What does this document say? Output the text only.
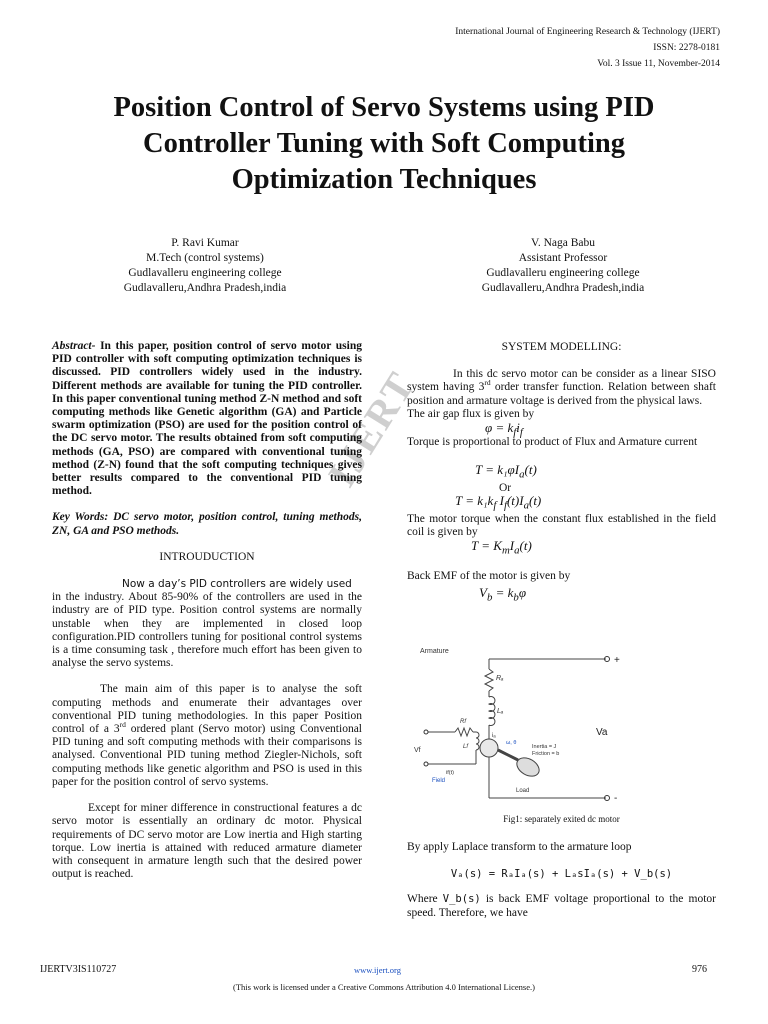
International Journal of Engineering Research & Technology (IJERT)
ISSN: 2278-0181
Vol. 3 Issue 11, November-2014
Position Control of Servo Systems using PID
Controller Tuning with Soft Computing
Optimization Techniques
P. Ravi Kumar
M.Tech (control systems)
Gudlavalleru engineering college
Gudlavalleru,Andhra Pradesh,india
V. Naga Babu
Assistant Professor
Gudlavalleru engineering college
Gudlavalleru,Andhra Pradesh,india
IJERT
Abstract- In this paper, position control of servo motor using PID controller with soft computing optimization techniques is discussed. PID controllers widely used in the industry. Different methods are available for tuning the PID controller. In this paper conventional tuning method Z-N method and soft computing methods like Genetic algorithm (GA) and Particle swarm optimization (PSO) are used for the position control of the DC servo motor. The results obtained from soft computing methods (GA, PSO) are compared with conventional tuning method (Z-N) found that the soft computing techniques gives better results compared to the conventional PID tuning method.
Key Words: DC servo motor, position control, tuning methods, ZN, GA and PSO methods.
INTROUDUCTION
Now a day’s PID controllers are widely used
in the industry. About 85-90% of the controllers are used in the industry are of PID type. Position control systems are normally unstable when they are implemented in closed loop configuration.PID controllers tuning for positional control systems is a time consuming task , therefore much effort has been given to analyse the servo systems.
The main aim of this paper is to analyse the soft computing methods and enumerate their advantages over conventional PID tuning methodologies. In this paper Position control of a 3rd ordered plant (Servo motor) using Conventional PID tuning and soft computing methods with their comparisons is analysed. Conventional PID tuning method Ziegler-Nichols, soft computing methods like genetic algorithm and PSO is used in this paper for the position control of servo systems.
Except for miner difference in constructional features a dc servo motor is essentially an ordinary dc motor. Physical requirements of DC servo motor are Low inertia and High starting torque. Low inertia is attained with reduced armature diameter with consequent in armature length such that the desired power output is reached.
SYSTEM MODELLING:
In this dc servo motor can be consider as a linear SISO system having 3rd order transfer function. Relation between shaft position and armature voltage is derived from the physical laws.
The air gap flux is given by
$\varphi = k_fi_f$
Torque is proportional to product of Flux and Armature current
$T = k_1\varphi I_a(t)$
Or
$T = k_1k_f$ $I_f(t)I_a(t)$
The motor torque when the constant flux established in the field coil is given by
$T = K_mI_a(t)$
Back EMF of the motor is given by
$V_b = k_b\varphi$
Armature
+
Rₐ
Lₐ
iₐ
ω, θ
Inertia = J
Friction = b
Load
-
Va
Rf
Lf
Vf
if(t)
Field
Fig1: separately exited dc motor
By apply Laplace transform to the armature loop
Vₐ(s) = RₐIₐ(s) + LₐsIₐ(s) + V_b(s)
Where V_b(s) is back EMF voltage proportional to the motor speed. Therefore, we have
IJERTV3IS110727	www.ijert.org	976
(This work is licensed under a Creative Commons Attribution 4.0 International License.)
